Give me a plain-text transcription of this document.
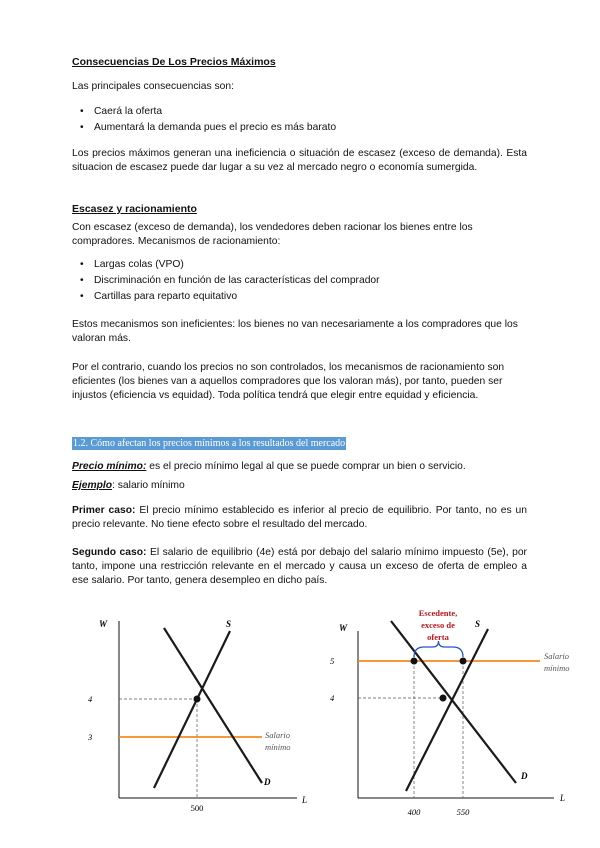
Consecuencias De Los Precios Máximos

Las principales consecuencias son:

• Caerá la oferta
• Aumentará la demanda pues el precio es más barato

Los precios máximos generan una ineficiencia o situación de escasez (exceso de demanda). Esta situacion de escasez puede dar lugar a su vez al mercado negro o economía sumergida.

Escasez y racionamiento

Con escasez (exceso de demanda), los vendedores deben racionar los bienes entre los compradores. Mecanismos de racionamiento:

• Largas colas (VPO)
• Discriminación en función de las características del comprador
• Cartillas para reparto equitativo

Estos mecanismos son ineficientes: los bienes no van necesariamente a los compradores que los valoran más.

Por el contrario, cuando los precios no son controlados, los mecanismos de racionamiento son eficientes (los bienes van a aquellos compradores que los valoran más), por tanto, pueden ser injustos (eficiencia vs equidad). Toda política tendrá que elegir entre equidad y eficiencia.

1.2. Cómo afectan los precios mínimos a los resultados del mercado

Precio mínimo: es el precio mínimo legal al que se puede comprar un bien o servicio.

Ejemplo: salario mínimo

Primer caso: El precio mínimo establecido es inferior al precio de equilibrio. Por tanto, no es un precio relevante. No tiene efecto sobre el resultado del mercado.

Segundo caso: El salario de equilibrio (4e) está por debajo del salario mínimo impuesto (5e), por tanto, impone una restricción relevante en el mercado y causa un exceso de oferta de empleo a ese salario. Por tanto, genera desempleo en dicho país.

W
L
S
D
4
3
500
Salario
mínimo
W
L
Escedente,
exceso de
oferta
S
D
5
4
400	550
Salario
mínimo
